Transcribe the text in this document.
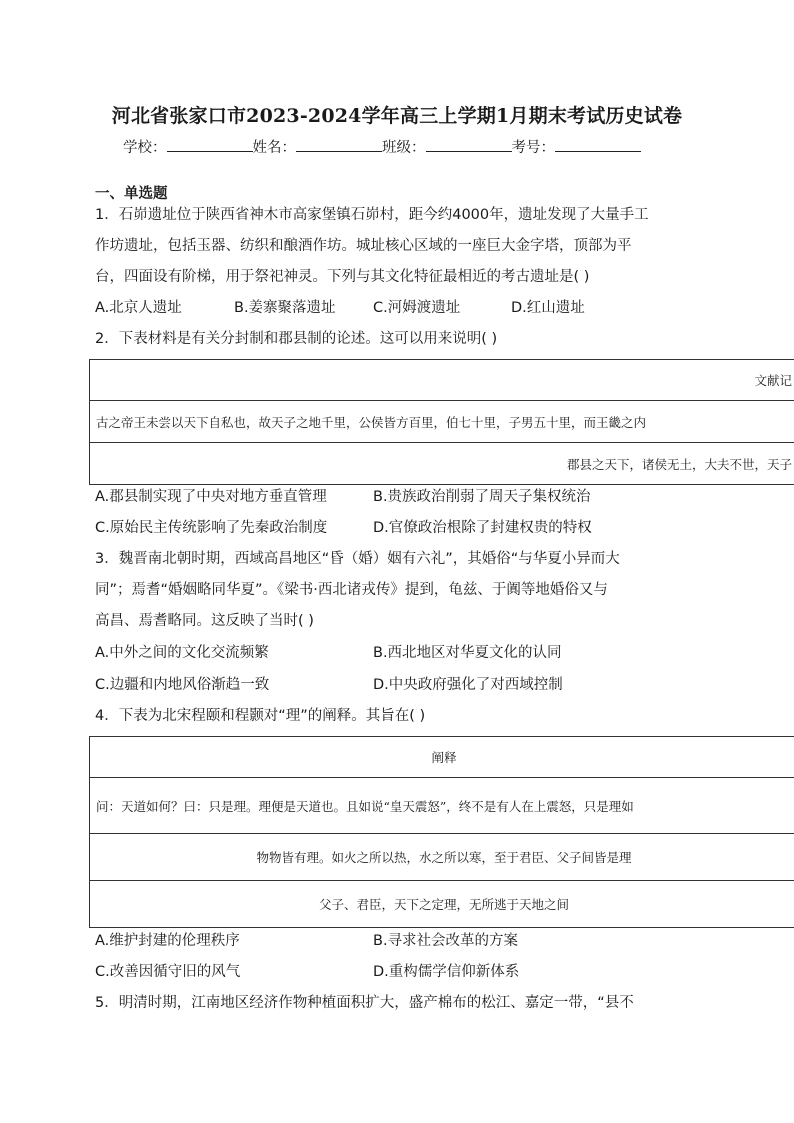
河北省张家口市2023-2024学年高三上学期1月期末考试历史试卷
学校：	姓名：	班级：	考号：
一、单选题
1．石峁遗址位于陕西省神木市高家堡镇石峁村，距今约4000年，遗址发现了大量手工
作坊遗址，包括玉器、纺织和酿酒作坊。城址核心区域的一座巨大金字塔，顶部为平
台，四面设有阶梯，用于祭祀神灵。下列与其文化特征最相近的考古遗址是( )
A.北京人遗址	B.姜寨聚落遗址	C.河姆渡遗址	D.红山遗址
2．下表材料是有关分封制和郡县制的论述。这可以用来说明( )
文献记

古之帝王未尝以天下自私也，故天子之地千里，公侯皆方百里，伯七十里，子男五十里，而王畿之内

郡县之天下，诸侯无土，大夫不世，天子
A.郡县制实现了中央对地方垂直管理	B.贵族政治削弱了周天子集权统治
C.原始民主传统影响了先秦政治制度	D.官僚政治根除了封建权贵的特权
3．魏晋南北朝时期，西域高昌地区“昏（婚）姻有六礼”，其婚俗“与华夏小异而大
同”；焉耆“婚姻略同华夏”。《梁书·西北诸戎传》提到，龟兹、于阗等地婚俗又与
高昌、焉耆略同。这反映了当时( )
A.中外之间的文化交流频繁	B.西北地区对华夏文化的认同
C.边疆和内地风俗渐趋一致	D.中央政府强化了对西域控制
4．下表为北宋程颐和程颢对“理”的阐释。其旨在( )
阐释

问：天道如何？曰：只是理。理便是天道也。且如说“皇天震怒”，终不是有人在上震怒，只是理如

物物皆有理。如火之所以热，水之所以寒，至于君臣、父子间皆是理

父子、君臣，天下之定理，无所逃于天地之间
A.维护封建的伦理秩序	B.寻求社会改革的方案
C.改善因循守旧的风气	D.重构儒学信仰新体系
5．明清时期，江南地区经济作物种植面积扩大，盛产棉布的松江、嘉定一带，“县不
